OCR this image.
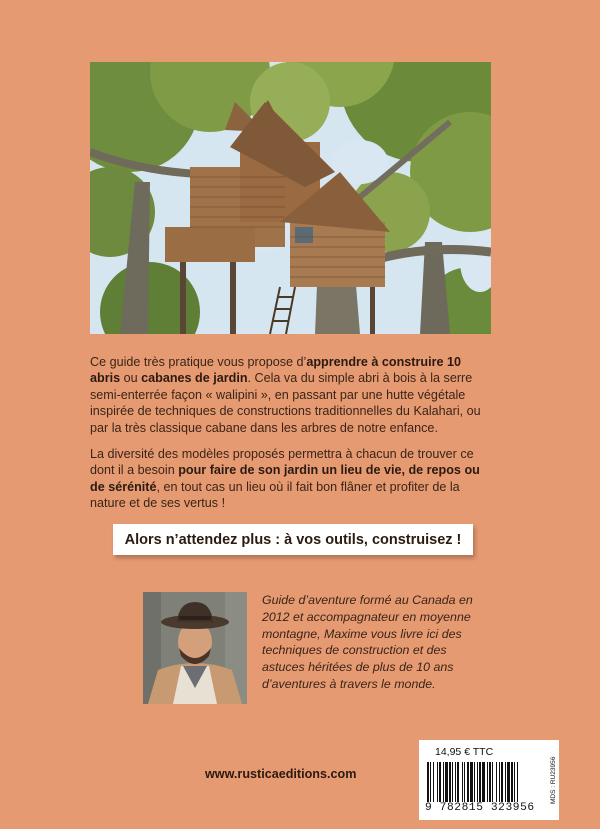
Ce guide très pratique vous propose d’apprendre à construire 10 abris ou cabanes de jardin. Cela va du simple abri à bois à la serre semi-enterrée façon « walipini », en passant par une hutte végétale inspirée de techniques de constructions traditionnelles du Kalahari, ou par la très classique cabane dans les arbres de notre enfance.

La diversité des modèles proposés permettra à chacun de trouver ce dont il a besoin pour faire de son jardin un lieu de vie, de repos ou de sérénité, en tout cas un lieu où il fait bon flâner et profiter de la nature et de ses vertus !

Alors n’attendez plus : à vos outils, construisez !
Guide d’aventure formé au Canada en 2012 et accompagnateur en moyenne montagne, Maxime vous livre ici des techniques de construction et des astuces héritées de plus de 10 ans d’aventures à travers le monde.
www.rusticaeditions.com
14,95 € TTC
9 782815 323956
MDS : RU23956
